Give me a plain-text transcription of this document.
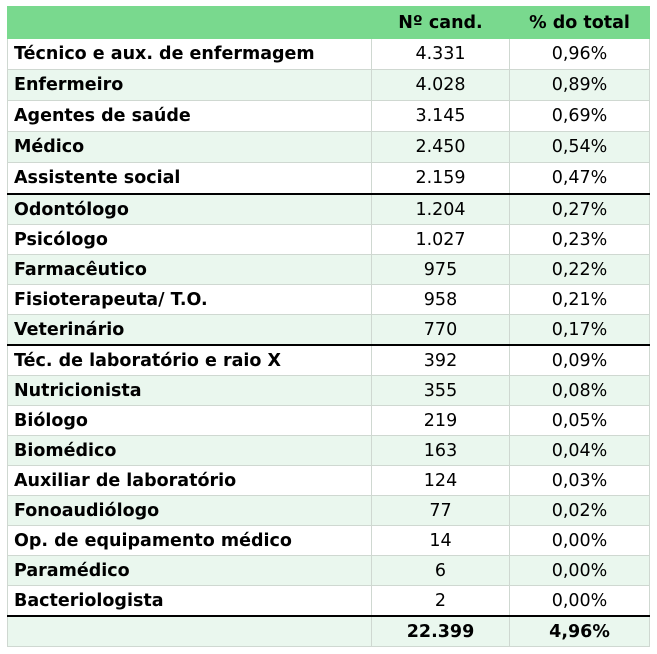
	Nº cand.	% do total
Técnico e aux. de enfermagem	4.331	0,96%
Enfermeiro	4.028	0,89%
Agentes de saúde	3.145	0,69%
Médico	2.450	0,54%
Assistente social	2.159	0,47%
Odontólogo	1.204	0,27%
Psicólogo	1.027	0,23%
Farmacêutico	975	0,22%
Fisioterapeuta/ T.O.	958	0,21%
Veterinário	770	0,17%
Téc. de laboratório e raio X	392	0,09%
Nutricionista	355	0,08%
Biólogo	219	0,05%
Biomédico	163	0,04%
Auxiliar de laboratório	124	0,03%
Fonoaudiólogo	77	0,02%
Op. de equipamento médico	14	0,00%
Paramédico	6	0,00%
Bacteriologista	2	0,00%
	22.399	4,96%
